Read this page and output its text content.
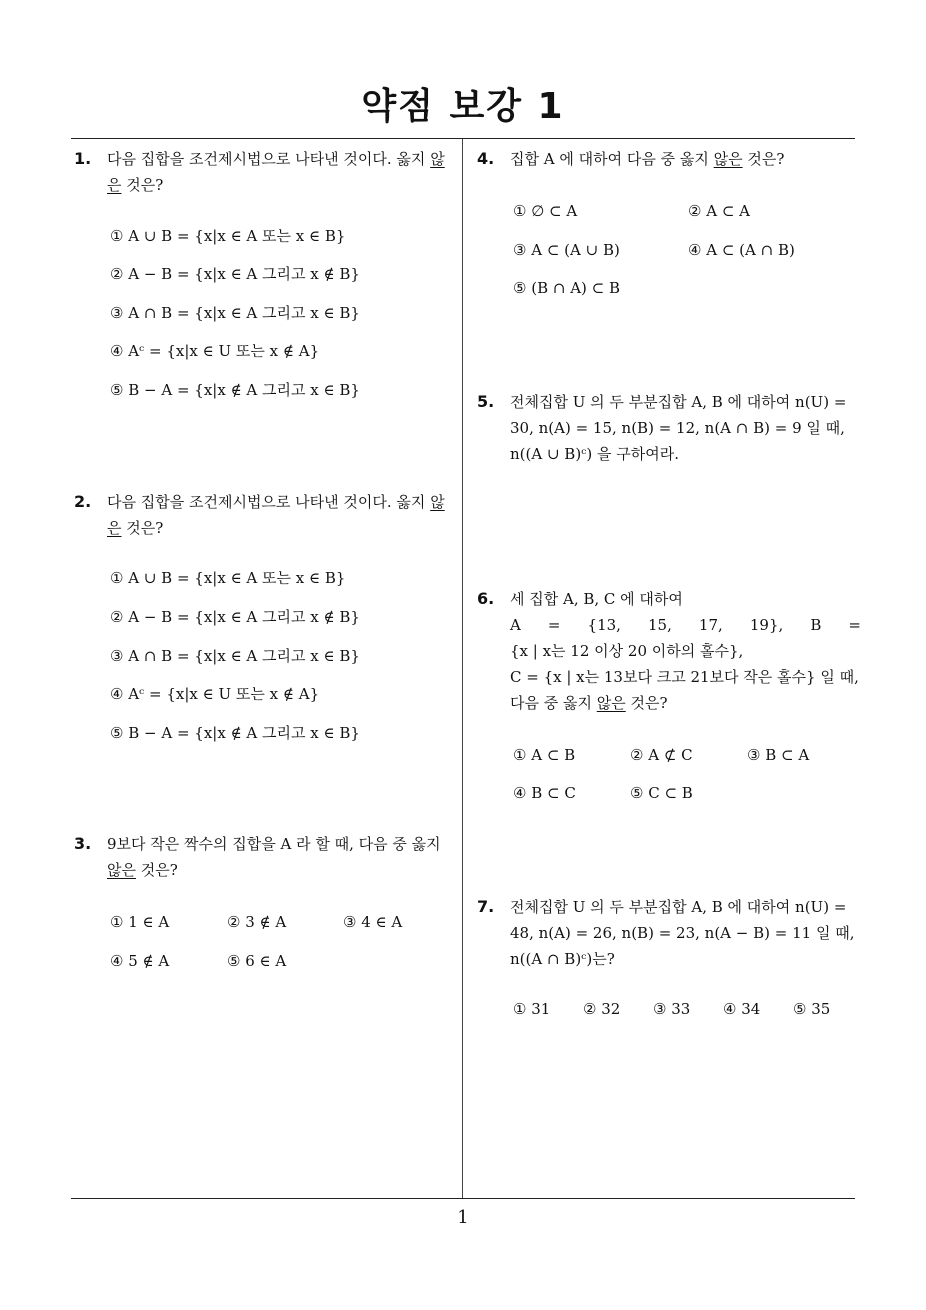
약점 보강 1
1. 다음 집합을 조건제시법으로 나타낸 것이다. 옳지 않은 것은?
① A ∪ B = {x|x ∈ A 또는 x ∈ B}
② A − B = {x|x ∈ A 그리고 x ∉ B}
③ A ∩ B = {x|x ∈ A 그리고 x ∈ B}
④ Aᶜ = {x|x ∈ U 또는 x ∉ A}
⑤ B − A = {x|x ∉ A 그리고 x ∈ B}
2. 다음 집합을 조건제시법으로 나타낸 것이다. 옳지 않은 것은?
① A ∪ B = {x|x ∈ A 또는 x ∈ B}
② A − B = {x|x ∈ A 그리고 x ∉ B}
③ A ∩ B = {x|x ∈ A 그리고 x ∈ B}
④ Aᶜ = {x|x ∈ U 또는 x ∉ A}
⑤ B − A = {x|x ∉ A 그리고 x ∈ B}
3. 9보다 작은 짝수의 집합을 A 라 할 때, 다음 중 옳지 않은 것은?
① 1 ∈ A	② 3 ∉ A	③ 4 ∈ A
④ 5 ∉ A	⑤ 6 ∈ A
4. 집합 A 에 대하여 다음 중 옳지 않은 것은?
① ∅ ⊂ A	② A ⊂ A
③ A ⊂ (A ∪ B)	④ A ⊂ (A ∩ B)
⑤ (B ∩ A) ⊂ B
5. 전체집합 U 의 두 부분집합 A, B 에 대하여 n(U) =
30, n(A) = 15, n(B) = 12, n(A ∩ B) = 9 일 때,
n((A ∪ B)ᶜ) 을 구하여라.
6. 세 집합 A, B, C 에 대하여
A = {13, 15, 17, 19}, B =
{x | x는 12 이상 20 이하의 홀수},
C = {x | x는 13보다 크고 21보다 작은 홀수} 일 때,
다음 중 옳지 않은 것은?
① A ⊂ B	② A ⊄ C	③ B ⊂ A
④ B ⊂ C	⑤ C ⊂ B
7. 전체집합 U 의 두 부분집합 A, B 에 대하여 n(U) =
48, n(A) = 26, n(B) = 23, n(A − B) = 11 일 때,
n((A ∩ B)ᶜ)는?
① 31 ② 32 ③ 33 ④ 34 ⑤ 35
1
